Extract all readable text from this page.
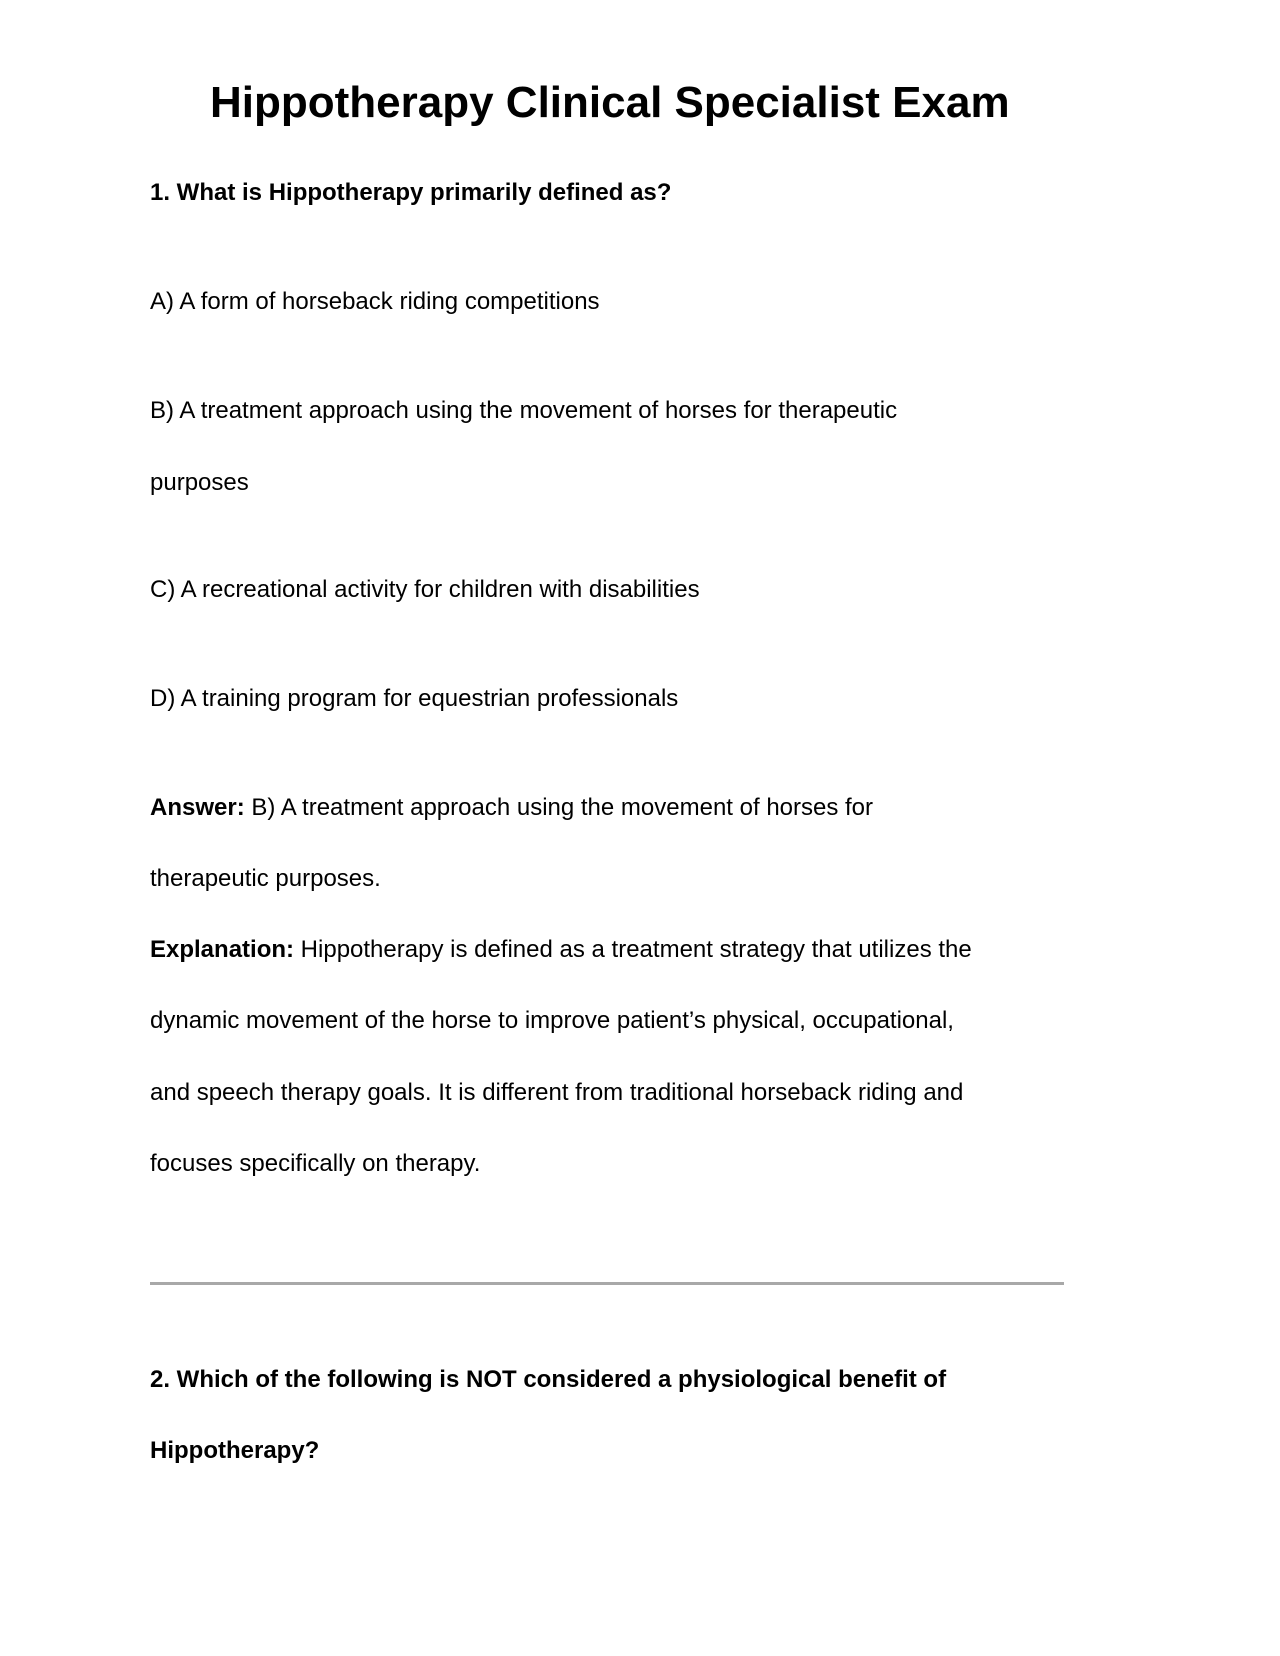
Hippotherapy Clinical Specialist Exam

1. What is Hippotherapy primarily defined as?

A) A form of horseback riding competitions

B) A treatment approach using the movement of horses for therapeutic

purposes

C) A recreational activity for children with disabilities

D) A training program for equestrian professionals

Answer: B) A treatment approach using the movement of horses for

therapeutic purposes.

Explanation: Hippotherapy is defined as a treatment strategy that utilizes the

dynamic movement of the horse to improve patient’s physical, occupational,

and speech therapy goals. It is different from traditional horseback riding and

focuses specifically on therapy.

2. Which of the following is NOT considered a physiological benefit of

Hippotherapy?
